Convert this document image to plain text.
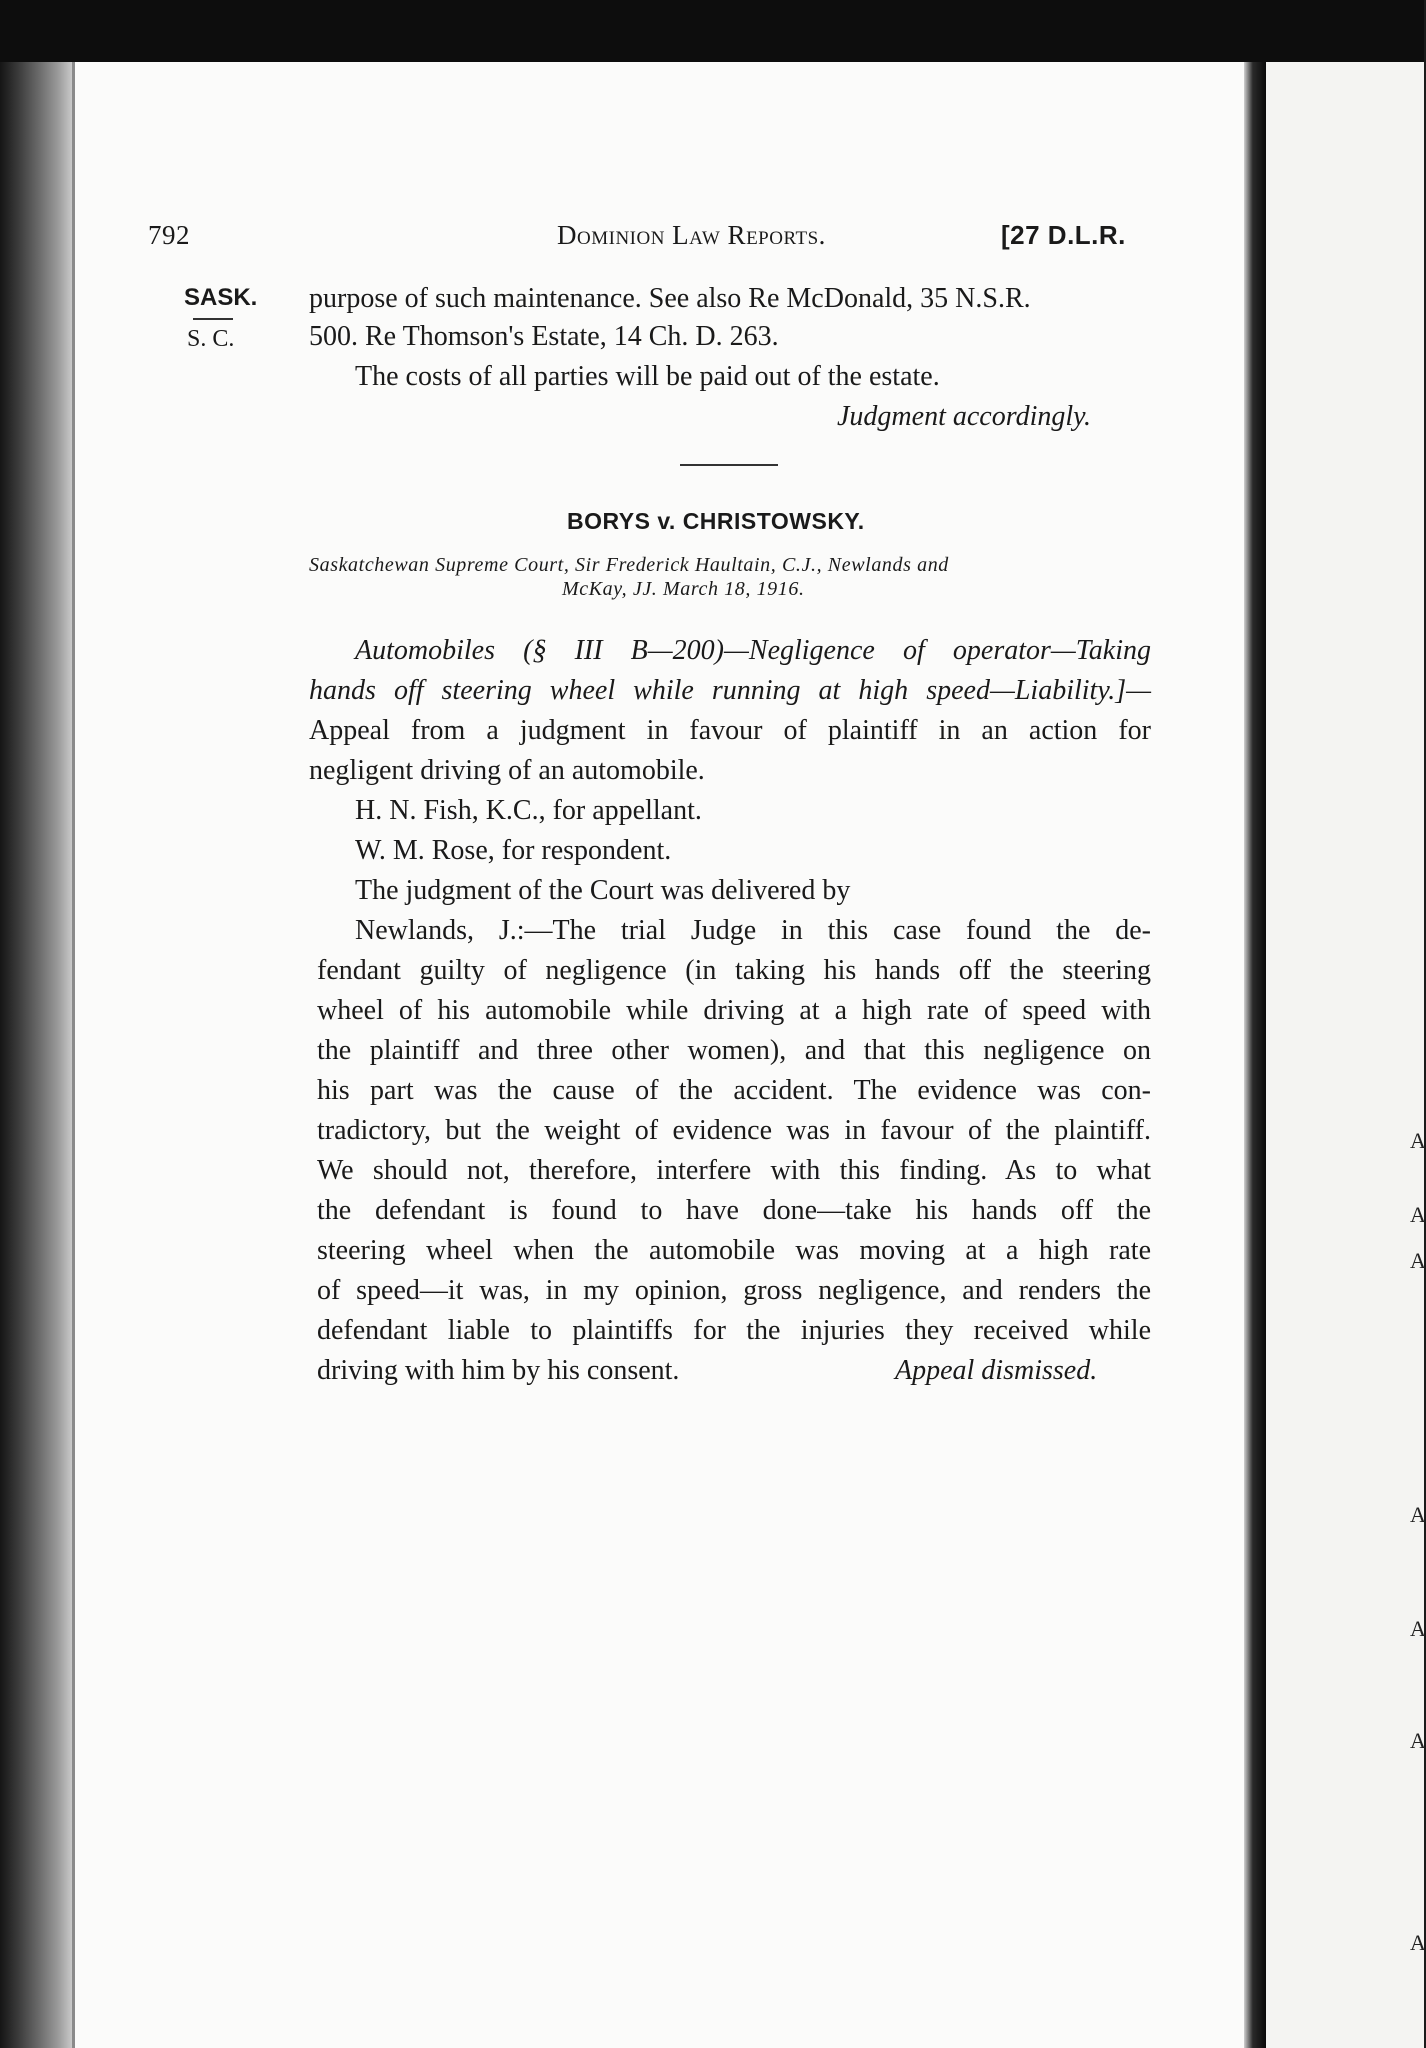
A
A
A
A
A
A
A
792	Dominion Law Reports.	[27 D.L.R.
SASK.
S. C.
purpose of such maintenance. See also Re McDonald, 35 N.S.R.
500. Re Thomson's Estate, 14 Ch. D. 263.
The costs of all parties will be paid out of the estate.
Judgment accordingly.
BORYS v. CHRISTOWSKY.
Saskatchewan Supreme Court, Sir Frederick Haultain, C.J., Newlands and
McKay, JJ. March 18, 1916.
Automobiles (§ III B—200)—Negligence of operator—Taking
hands off steering wheel while running at high speed—Liability.]—
Appeal from a judgment in favour of plaintiff in an action for
negligent driving of an automobile.
H. N. Fish, K.C., for appellant.
W. M. Rose, for respondent.
The judgment of the Court was delivered by
Newlands, J.:—The trial Judge in this case found the de-
fendant guilty of negligence (in taking his hands off the steering
wheel of his automobile while driving at a high rate of speed with
the plaintiff and three other women), and that this negligence on
his part was the cause of the accident. The evidence was con-
tradictory, but the weight of evidence was in favour of the plaintiff.
We should not, therefore, interfere with this finding. As to what
the defendant is found to have done—take his hands off the
steering wheel when the automobile was moving at a high rate
of speed—it was, in my opinion, gross negligence, and renders the
defendant liable to plaintiffs for the injuries they received while
driving with him by his consent.	Appeal dismissed.
